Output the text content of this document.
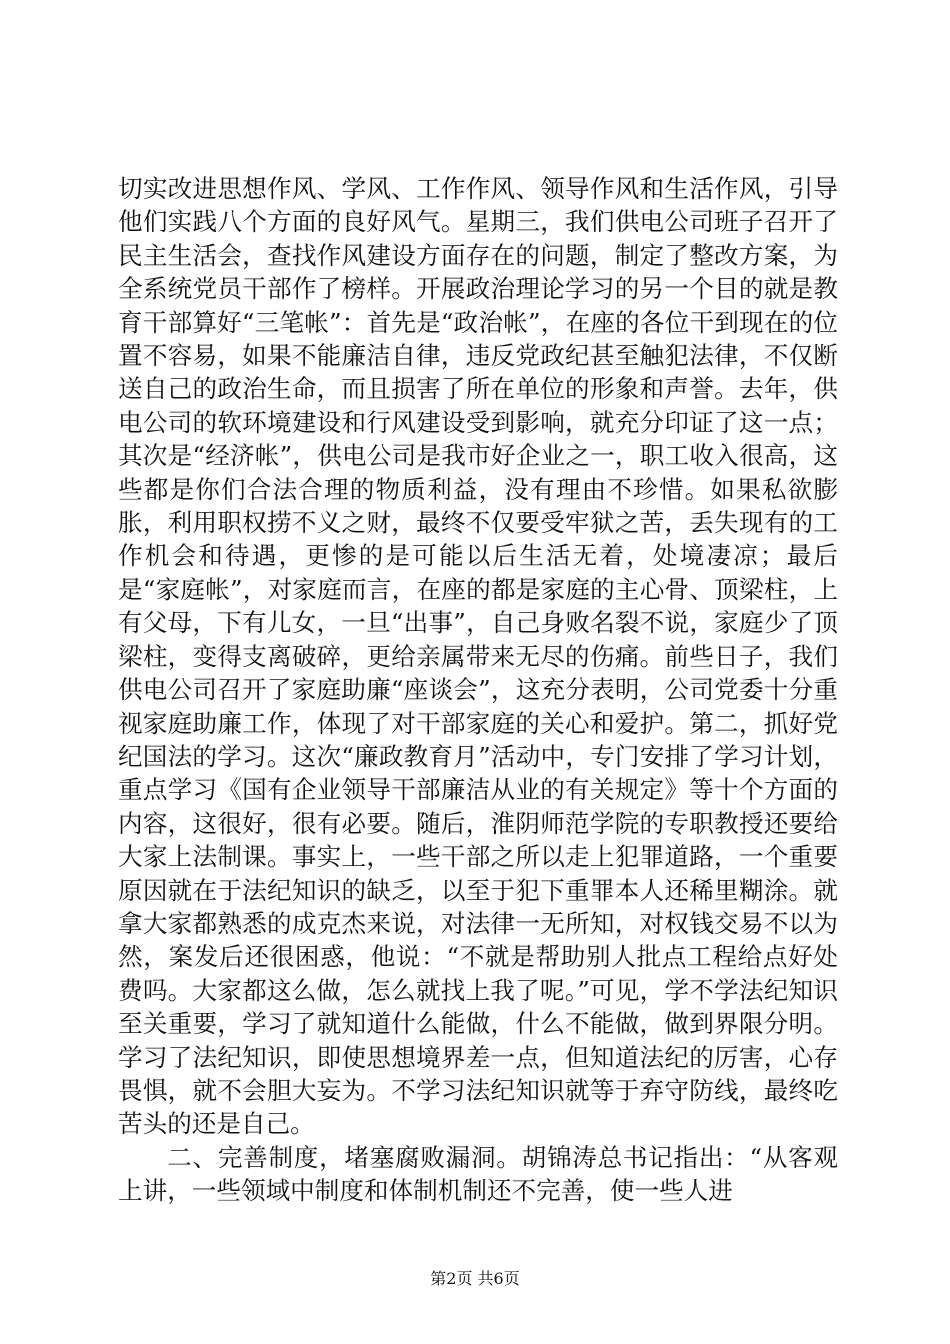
切实改进思想作风、学风、工作作风、领导作风和生活作风，引导他们实践八个方面的良好风气。星期三，我们供电公司班子召开了民主生活会，查找作风建设方面存在的问题，制定了整改方案，为全系统党员干部作了榜样。开展政治理论学习的另一个目的就是教育干部算好“三笔帐”：首先是“政治帐”，在座的各位干到现在的位置不容易，如果不能廉洁自律，违反党政纪甚至触犯法律，不仅断送自己的政治生命，而且损害了所在单位的形象和声誉。去年，供电公司的软环境建设和行风建设受到影响，就充分印证了这一点；其次是“经济帐”，供电公司是我市好企业之一，职工收入很高，这些都是你们合法合理的物质利益，没有理由不珍惜。如果私欲膨胀，利用职权捞不义之财，最终不仅要受牢狱之苦，丢失现有的工作机会和待遇，更惨的是可能以后生活无着，处境凄凉；最后是“家庭帐”，对家庭而言，在座的都是家庭的主心骨、顶梁柱，上有父母，下有儿女，一旦“出事”，自己身败名裂不说，家庭少了顶梁柱，变得支离破碎，更给亲属带来无尽的伤痛。前些日子，我们供电公司召开了家庭助廉“座谈会”，这充分表明，公司党委十分重视家庭助廉工作，体现了对干部家庭的关心和爱护。第二，抓好党纪国法的学习。这次“廉政教育月”活动中，专门安排了学习计划，重点学习《国有企业领导干部廉洁从业的有关规定》等十个方面的内容，这很好，很有必要。随后，淮阴师范学院的专职教授还要给大家上法制课。事实上，一些干部之所以走上犯罪道路，一个重要原因就在于法纪知识的缺乏，以至于犯下重罪本人还稀里糊涂。就拿大家都熟悉的成克杰来说，对法律一无所知，对权钱交易不以为然，案发后还很困惑，他说：“不就是帮助别人批点工程给点好处费吗。大家都这么做，怎么就找上我了呢。”可见，学不学法纪知识至关重要，学习了就知道什么能做，什么不能做，做到界限分明。学习了法纪知识，即使思想境界差一点，但知道法纪的厉害，心存畏惧，就不会胆大妄为。不学习法纪知识就等于弃守防线，最终吃苦头的还是自己。

二、完善制度，堵塞腐败漏洞。胡锦涛总书记指出：“从客观上讲，一些领域中制度和体制机制还不完善，使一些人进

第2页 共6页
